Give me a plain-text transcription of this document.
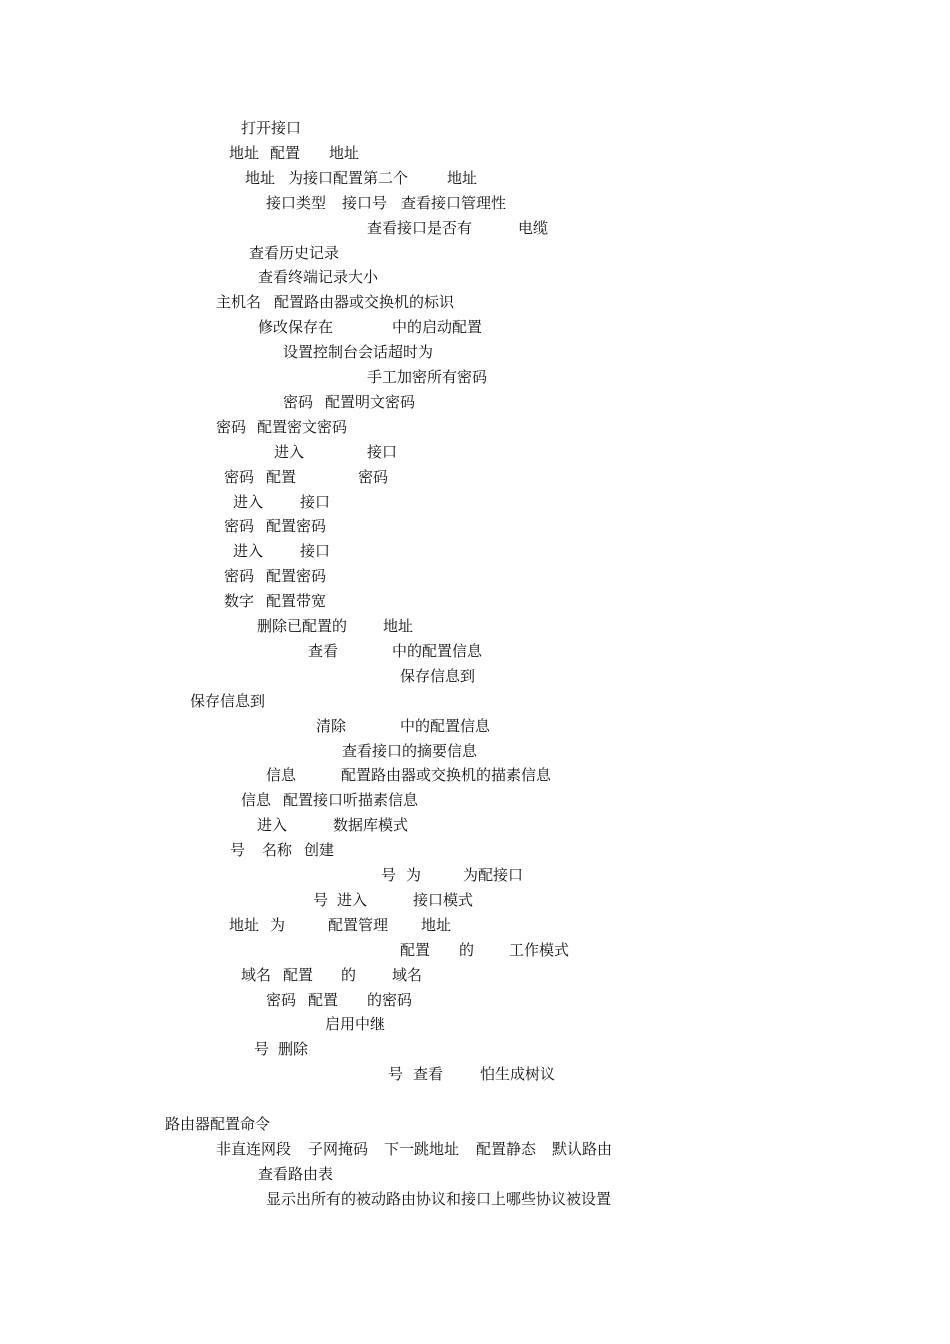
打开接口
地址 配置 地址
地址 为接口配置第二个	地址
接口类型 接口号 查看接口管理性
查看接口是否有	电缆
查看历史记录
查看终端记录大小
主机名 配置路由器或交换机的标识
修改保存在	中的启动配置
设置控制台会话超时为
手工加密所有密码
密码 配置明文密码
密码 配置密文密码
进入	接口
密码 配置	密码
进入 接口
密码 配置密码
进入 接口
密码 配置密码
数字 配置带宽
删除已配置的 地址
查看	中的配置信息
保存信息到
保存信息到
清除	中的配置信息
查看接口的摘要信息
信息	配置路由器或交换机的描素信息
信息 配置接口听描素信息
进入	数据库模式
号 名称 创建
号 为	为配接口
号 进入	接口模式
地址 为	配置管理 地址
配置 的 工作模式
域名 配置 的 域名
密码 配置 的密码
启用中继
号 删除
号 查看 怕生成树议
路由器配置命令
非直连网段 子网掩码 下一跳地址 配置静态 默认路由
查看路由表
显示出所有的被动路由协议和接口上哪些协议被设置
